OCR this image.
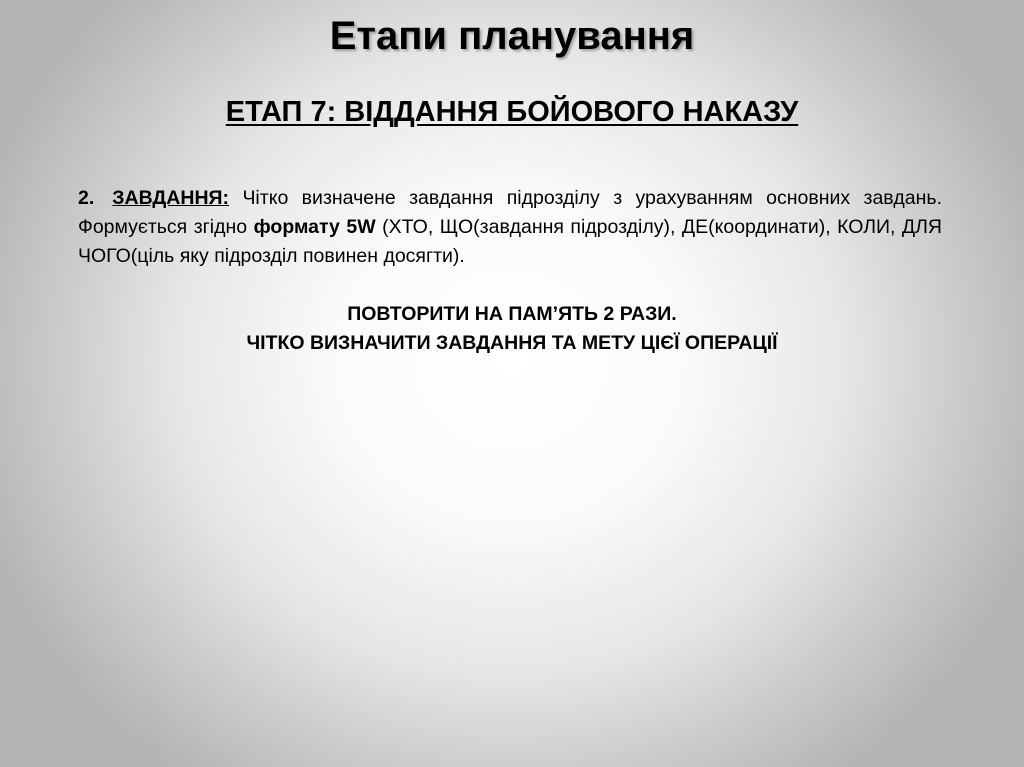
Етапи планування
ЕТАП 7: ВІДДАННЯ БОЙОВОГО НАКАЗУ

2. ЗАВДАННЯ: Чітко визначене завдання підрозділу з урахуванням основних завдань. Формується згідно формату 5W (ХТО, ЩО(завдання підрозділу), ДЕ(координати), КОЛИ, ДЛЯ ЧОГО(ціль яку підрозділ повинен досягти).

ПОВТОРИТИ НА ПАМ’ЯТЬ 2 РАЗИ.
ЧІТКО ВИЗНАЧИТИ ЗАВДАННЯ ТА МЕТУ ЦІЄЇ ОПЕРАЦІЇ
